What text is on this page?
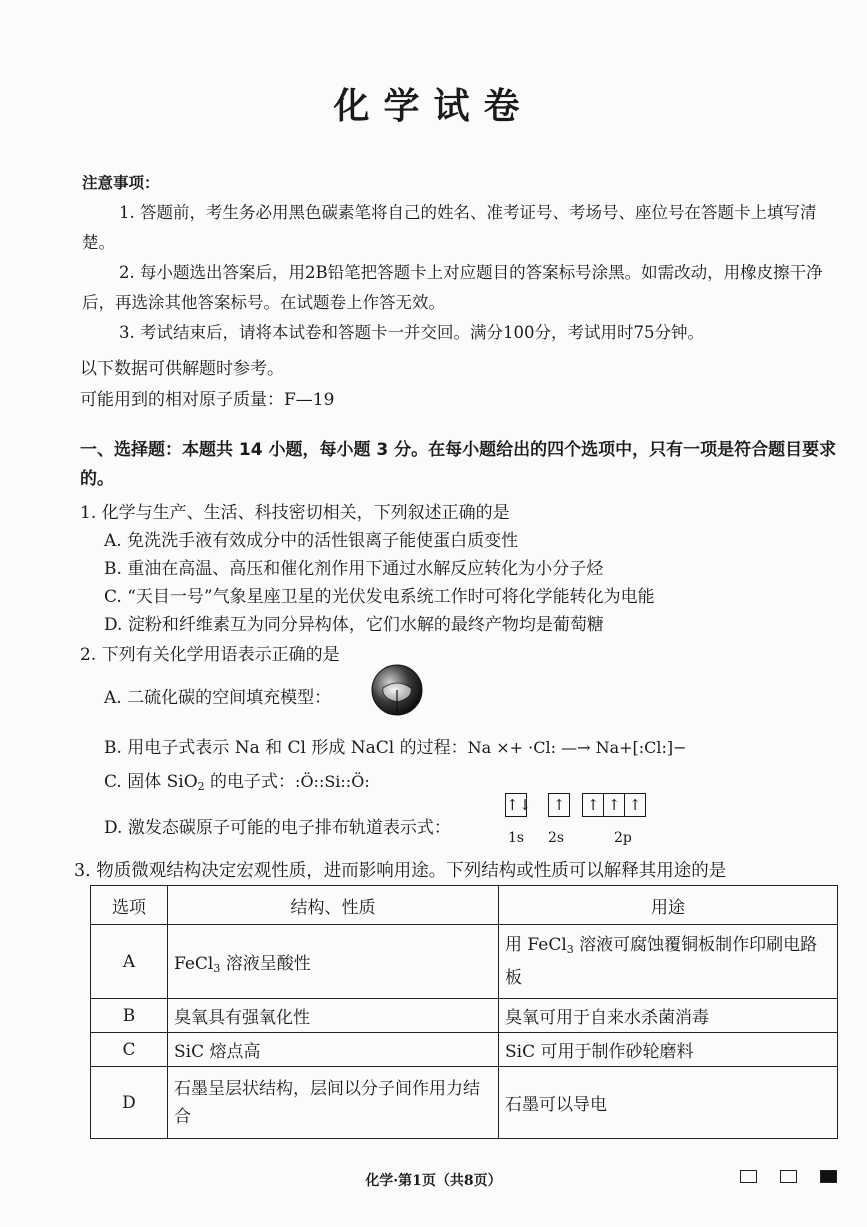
化学试卷
注意事项：
1. 答题前，考生务必用黑色碳素笔将自己的姓名、准考证号、考场号、座位号在答题卡上填写清楚。
2. 每小题选出答案后，用2B铅笔把答题卡上对应题目的答案标号涂黑。如需改动，用橡皮擦干净后，再选涂其他答案标号。在试题卷上作答无效。
3. 考试结束后，请将本试卷和答题卡一并交回。满分100分，考试用时75分钟。
以下数据可供解题时参考。
可能用到的相对原子质量：F—19
一、选择题：本题共 14 小题，每小题 3 分。在每小题给出的四个选项中，只有一项是符合题目要求的。
1. 化学与生产、生活、科技密切相关，下列叙述正确的是
A. 免洗洗手液有效成分中的活性银离子能使蛋白质变性
B. 重油在高温、高压和催化剂作用下通过水解反应转化为小分子烃
C. “天目一号”气象星座卫星的光伏发电系统工作时可将化学能转化为电能
D. 淀粉和纤维素互为同分异构体，它们水解的最终产物均是葡萄糖
2. 下列有关化学用语表示正确的是
A. 二硫化碳的空间填充模型：
B. 用电子式表示 Na 和 Cl 形成 NaCl 的过程：Na ×+ ·Cl: —→ Na+[:Cl:]−
C. 固体 SiO$_2$ 的电子式：:Ö::Si::Ö:
D. 激发态碳原子可能的电子排布轨道表示式：
↑↓	↑	↑ ↑ ↑
1s 2s	2p
3. 物质微观结构决定宏观性质，进而影响用途。下列结构或性质可以解释其用途的是
选项	结构、性质	用途
A	FeCl$_3$ 溶液呈酸性	用 FeCl$_3$ 溶液可腐蚀覆铜板制作印刷电路板
B	臭氧具有强氧化性	臭氧可用于自来水杀菌消毒
C	SiC 熔点高	SiC 可用于制作砂轮磨料
D	石墨呈层状结构，层间以分子间作用力结合	石墨可以导电
化学·第1页（共8页）
